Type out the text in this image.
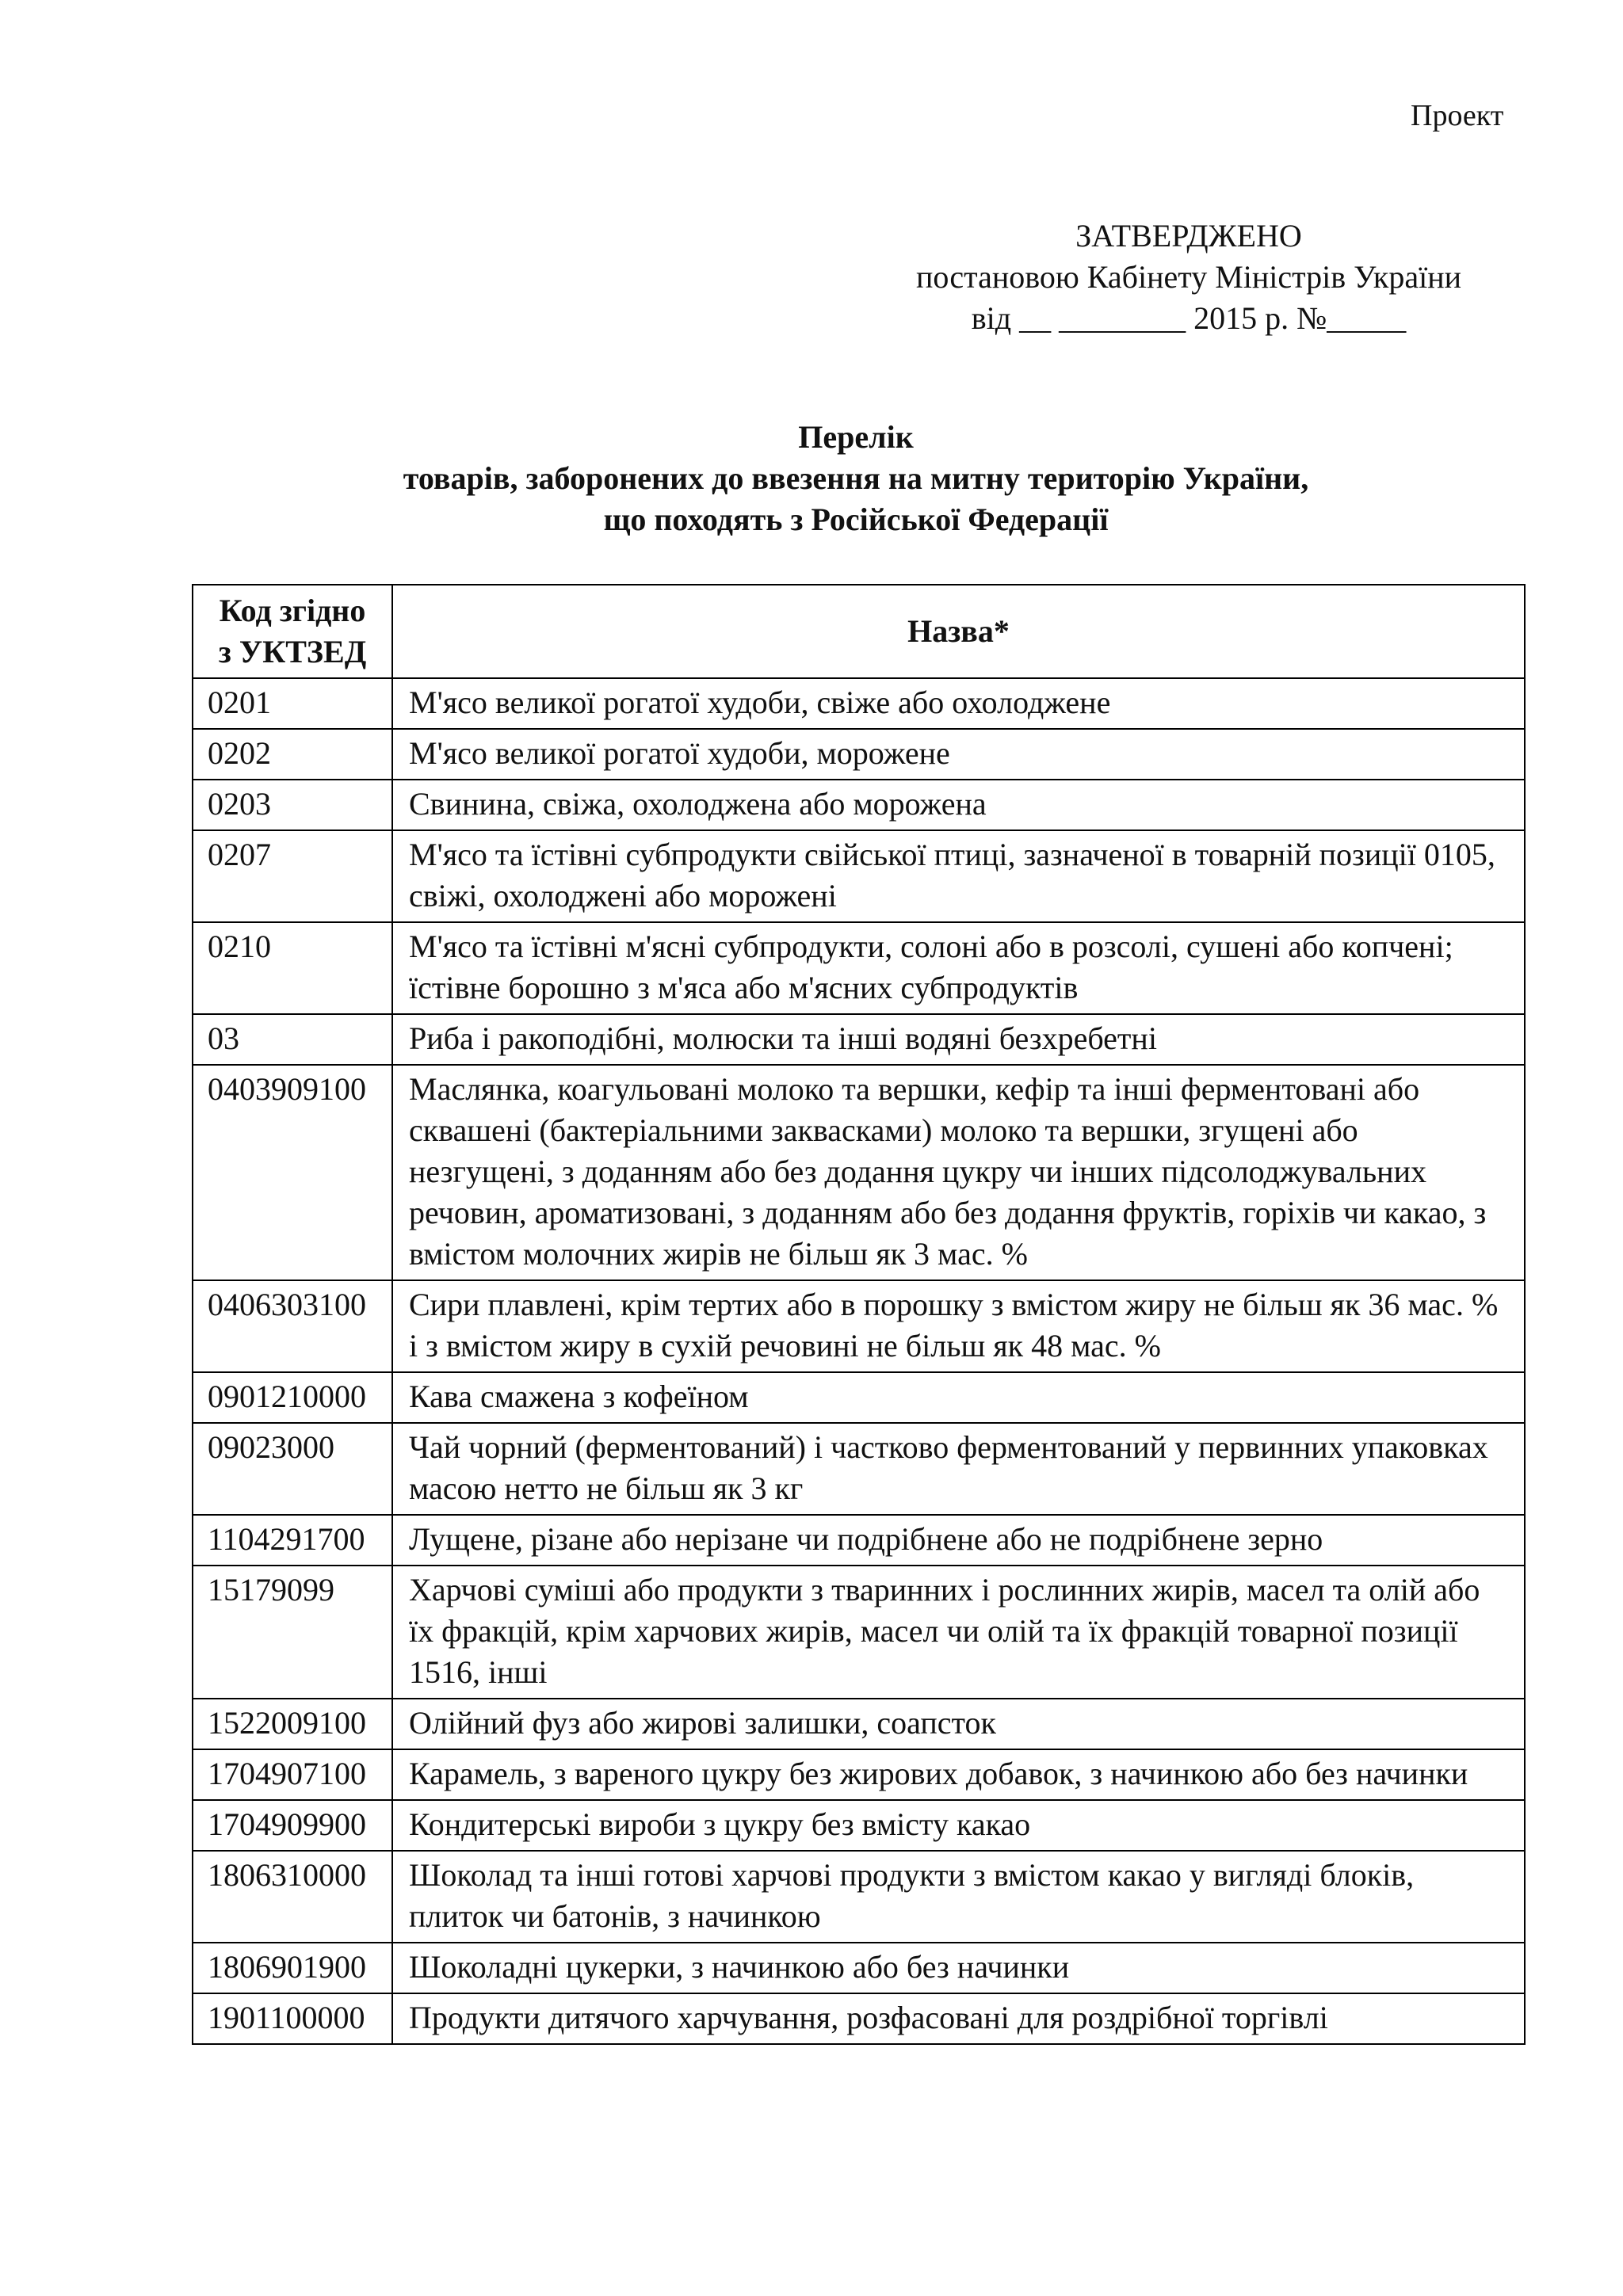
Проект
ЗАТВЕРДЖЕНО
постановою Кабінету Міністрів України
від __ ________ 2015 р. №_____
Перелік
товарів, заборонених до ввезення на митну територію України,
що походять з Російської Федерації
Код згідно
з УКТЗЕД	Назва*
0201	М'ясо великої рогатої худоби, свіже або охолоджене
0202	М'ясо великої рогатої худоби, морожене
0203	Свинина, свіжа, охолоджена або морожена
0207	М'ясо та їстівні субпродукти свійської птиці, зазначеної в товарній позиції 0105, свіжі, охолоджені або морожені
0210	М'ясо та їстівні м'ясні субпродукти, солоні або в розсолі, сушені або копчені; їстівне борошно з м'яса або м'ясних субпродуктів
03	Риба і ракоподібні, молюски та інші водяні безхребетні
0403909100	Маслянка, коагульовані молоко та вершки, кефір та інші ферментовані або сквашені (бактеріальними заквасками) молоко та вершки, згущені або незгущені, з доданням або без додання цукру чи інших підсолоджувальних речовин, ароматизовані, з доданням або без додання фруктів, горіхів чи какао, з вмістом молочних жирів не більш як 3 мас. %
0406303100	Сири плавлені, крім тертих або в порошку з вмістом жиру не більш як 36 мас. % і з вмістом жиру в сухій речовині не більш як 48 мас. %
0901210000	Кава смажена з кофеїном
09023000	Чай чорний (ферментований) і частково ферментований у первинних упаковках масою нетто не більш як 3 кг
1104291700	Лущене, різане або нерізане чи подрібнене або не подрібнене зерно
15179099	Харчові суміші або продукти з тваринних і рослинних жирів, масел та олій або їх фракцій, крім харчових жирів, масел чи олій та їх фракцій товарної позиції 1516, інші
1522009100	Олійний фуз або жирові залишки, соапсток
1704907100	Карамель, з вареного цукру без жирових добавок, з начинкою або без начинки
1704909900	Кондитерські вироби з цукру без вмісту какао
1806310000	Шоколад та інші готові харчові продукти з вмістом какао у вигляді блоків, плиток чи батонів, з начинкою
1806901900	Шоколадні цукерки, з начинкою або без начинки
1901100000	Продукти дитячого харчування, розфасовані для роздрібної торгівлі
